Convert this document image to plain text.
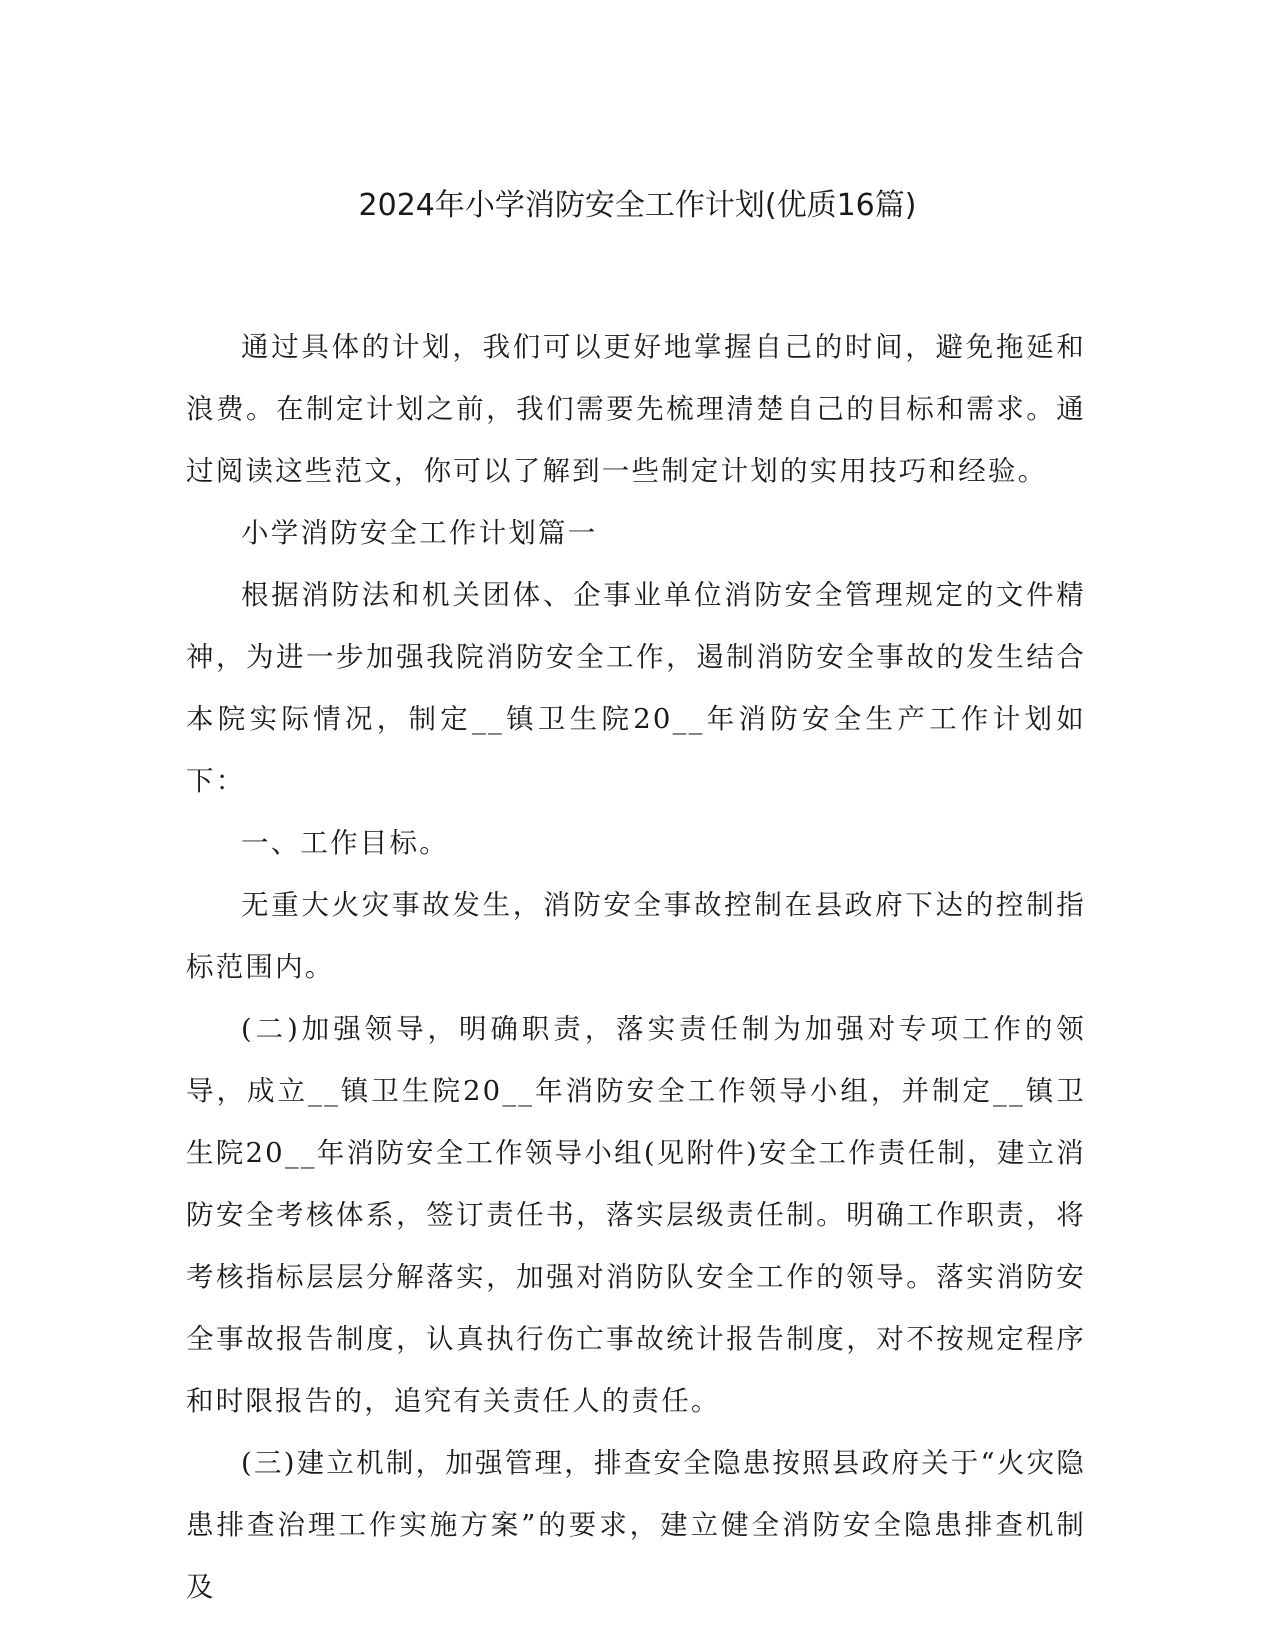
2024年小学消防安全工作计划(优质16篇)

通过具体的计划，我们可以更好地掌握自己的时间，避免拖延和浪费。在制定计划之前，我们需要先梳理清楚自己的目标和需求。通过阅读这些范文，你可以了解到一些制定计划的实用技巧和经验。

小学消防安全工作计划篇一

根据消防法和机关团体、企事业单位消防安全管理规定的文件精神，为进一步加强我院消防安全工作，遏制消防安全事故的发生结合本院实际情况，制定__镇卫生院20__年消防安全生产工作计划如下：

一、工作目标。

无重大火灾事故发生，消防安全事故控制在县政府下达的控制指标范围内。

(二)加强领导，明确职责，落实责任制为加强对专项工作的领导，成立__镇卫生院20__年消防安全工作领导小组，并制定__镇卫生院20__年消防安全工作领导小组(见附件)安全工作责任制，建立消防安全考核体系，签订责任书，落实层级责任制。明确工作职责，将考核指标层层分解落实，加强对消防队安全工作的领导。落实消防安全事故报告制度，认真执行伤亡事故统计报告制度，对不按规定程序和时限报告的，追究有关责任人的责任。

(三)建立机制，加强管理，排查安全隐患按照县政府关于“火灾隐患排查治理工作实施方案”的要求，建立健全消防安全隐患排查机制及
